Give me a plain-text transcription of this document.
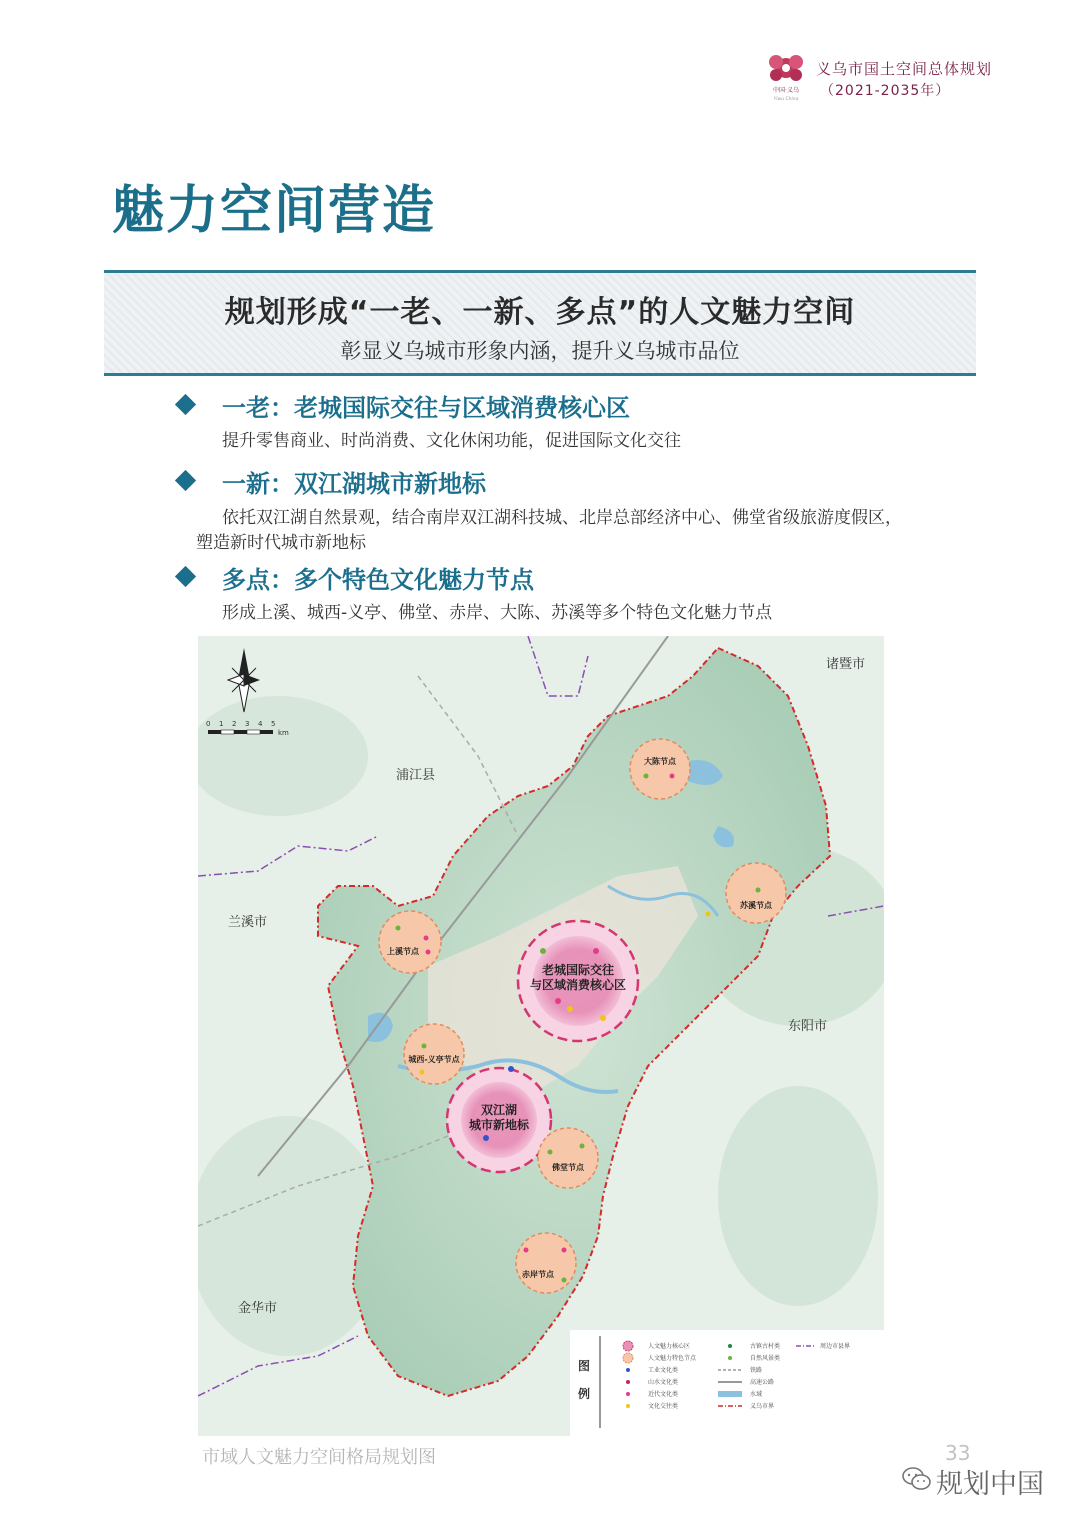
中国·义乌
Yiwu China
义乌市国土空间总体规划
（2021-2035年）
魅力空间营造
规划形成“一老、一新、多点”的人文魅力空间
彰显义乌城市形象内涵，提升义乌城市品位
一老：老城国际交往与区域消费核心区
提升零售商业、时尚消费、文化休闲功能，促进国际文化交往
一新：双江湖城市新地标
依托双江湖自然景观，结合南岸双江湖科技城、北岸总部经济中心、佛堂省级旅游度假区，
塑造新时代城市新地标
多点：多个特色文化魅力节点
形成上溪、城西-义亭、佛堂、赤岸、大陈、苏溪等多个特色文化魅力节点
诸暨市
浦江县
兰溪市
东阳市
金华市
0 1 2 3 4 5
km
老城国际交往
与区域消费核心区
双江湖
城市新地标
大陈节点
苏溪节点
上溪节点
城西-义亭节点
佛堂节点
赤岸节点
图
例
人文魅力核心区
人文魅力特色节点
工业文化类
山水文化类
近代文化类
文化交往类
古镇古村类
自然风景类
铁路
高速公路
水域
义乌市界
周边市县界
市域人文魅力空间格局规划图	33
规划中国
